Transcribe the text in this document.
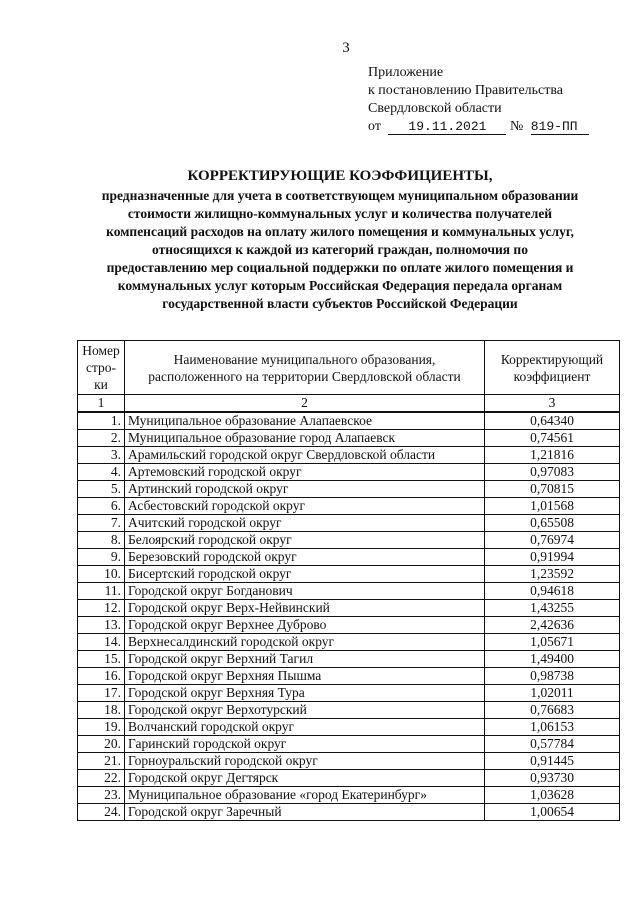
3
Приложение
к постановлению Правительства
Свердловской области
от 19.11.2021 № 819-ПП
КОРРЕКТИРУЮЩИЕ КОЭФФИЦИЕНТЫ,
предназначенные для учета в соответствующем муниципальном образовании
стоимости жилищно-коммунальных услуг и количества получателей
компенсаций расходов на оплату жилого помещения и коммунальных услуг,
относящихся к каждой из категорий граждан, полномочия по
предоставлению мер социальной поддержки по оплате жилого помещения и
коммунальных услуг которым Российская Федерация передала органам
государственной власти субъектов Российской Федерации
Номер стро-ки	Наименование муниципального образования, расположенного на территории Свердловской области	Корректирующий коэффициент
1	2	3
1.	Муниципальное образование Алапаевское	0,64340
2.	Муниципальное образование город Алапаевск	0,74561
3.	Арамильский городской округ Свердловской области	1,21816
4.	Артемовский городской округ	0,97083
5.	Артинский городской округ	0,70815
6.	Асбестовский городской округ	1,01568
7.	Ачитский городской округ	0,65508
8.	Белоярский городской округ	0,76974
9.	Березовский городской округ	0,91994
10.	Бисертский городской округ	1,23592
11.	Городской округ Богданович	0,94618
12.	Городской округ Верх-Нейвинский	1,43255
13.	Городской округ Верхнее Дуброво	2,42636
14.	Верхнесалдинский городской округ	1,05671
15.	Городской округ Верхний Тагил	1,49400
16.	Городской округ Верхняя Пышма	0,98738
17.	Городской округ Верхняя Тура	1,02011
18.	Городской округ Верхотурский	0,76683
19.	Волчанский городской округ	1,06153
20.	Гаринский городской округ	0,57784
21.	Горноуральский городской округ	0,91445
22.	Городской округ Дегтярск	0,93730
23.	Муниципальное образование «город Екатеринбург»	1,03628
24.	Городской округ Заречный	1,00654
